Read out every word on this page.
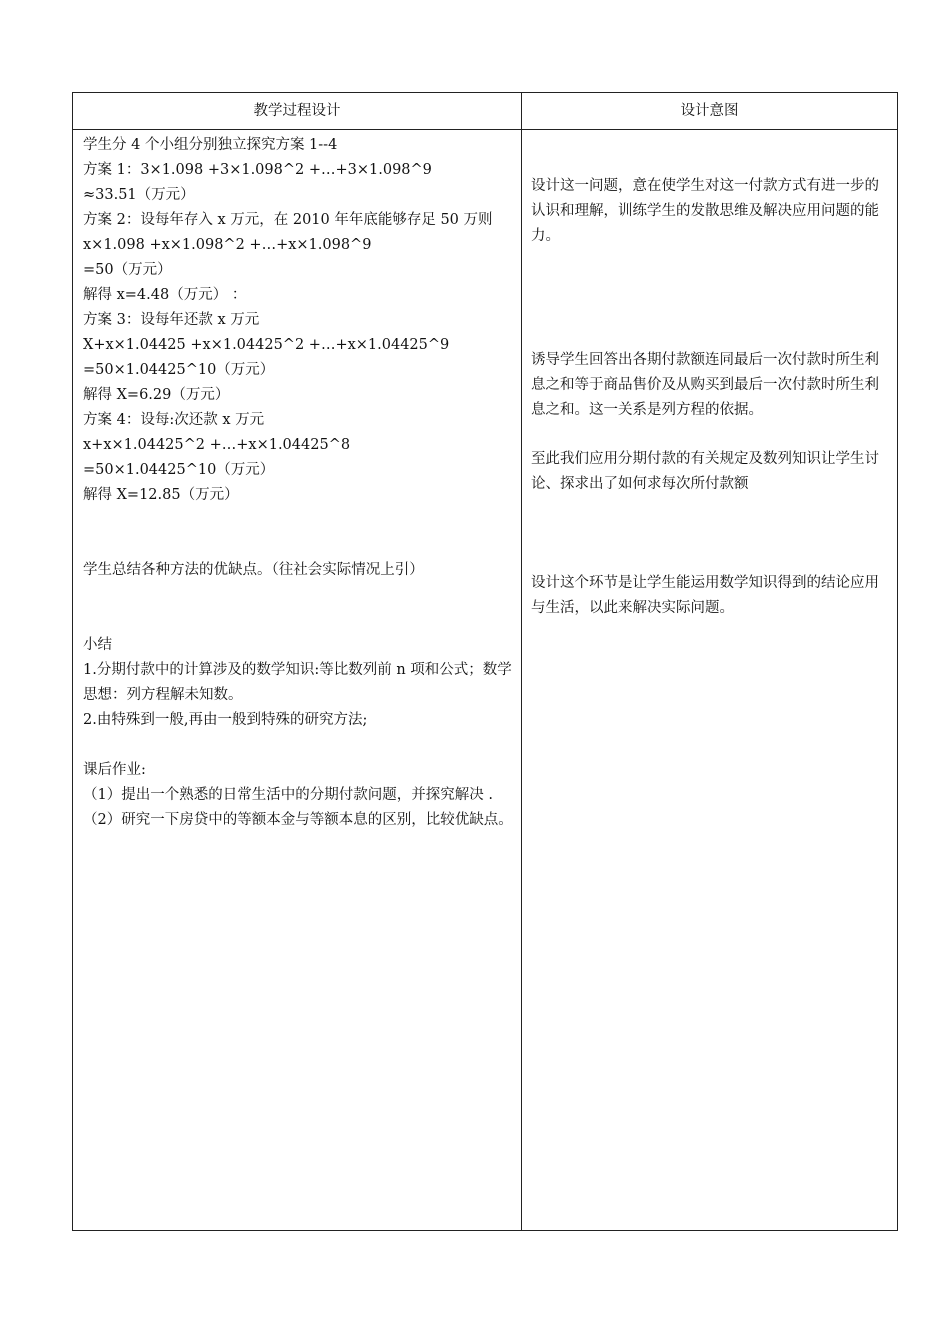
教学过程设计	设计意图
学生分 4 个小组分别独立探究方案 1--4
方案 1：3×1.098 +3×1.098^2 +…+3×1.098^9
≈33.51（万元）
方案 2：设每年存入 x 万元，在 2010 年年底能够存足 50 万则
x×1.098 +x×1.098^2 +…+x×1.098^9
=50（万元）
解得 x=4.48（万元） ：
方案 3：设每年还款 x 万元
X+x×1.04425 +x×1.04425^2 +…+x×1.04425^9
=50×1.04425^10（万元）
解得 X=6.29（万元）
方案 4：设每:次还款 x 万元
x+x×1.04425^2 +…+x×1.04425^8
=50×1.04425^10（万元）
解得 X=12.85（万元）
学生总结各种方法的优缺点。（往社会实际情况上引）
小结
1.分期付款中的计算涉及的数学知识:等比数列前 n 项和公式；数学思想：列方程解未知数。
2.由特殊到一般,再由一般到特殊的研究方法;
课后作业:
（1）提出一个熟悉的日常生活中的分期付款问题，并探究解决 .
（2）研究一下房贷中的等额本金与等额本息的区别，比较优缺点。
设计这一问题，意在使学生对这一付款方式有进一步的认识和理解，训练学生的发散思维及解决应用问题的能力。
诱导学生回答出各期付款额连同最后一次付款时所生利息之和等于商品售价及从购买到最后一次付款时所生利息之和。这一关系是列方程的依据。
至此我们应用分期付款的有关规定及数列知识让学生讨论、探求出了如何求每次所付款额
设计这个环节是让学生能运用数学知识得到的结论应用与生活，以此来解决实际问题。
